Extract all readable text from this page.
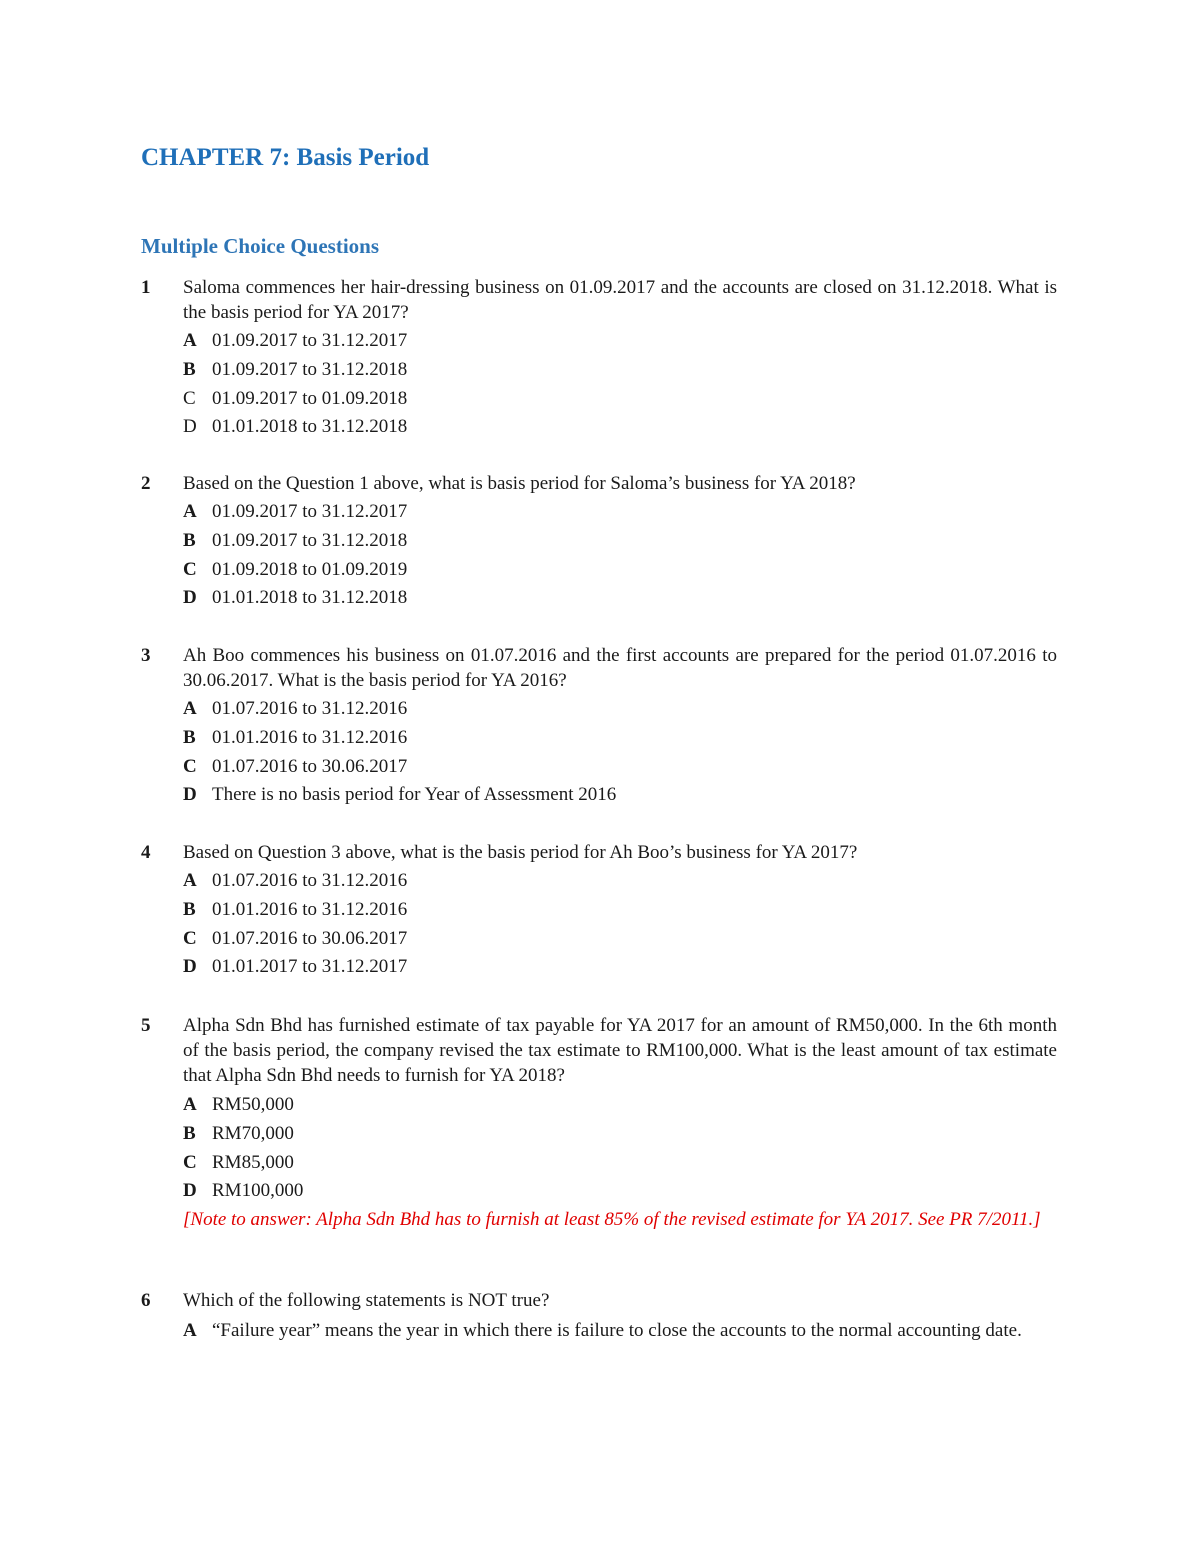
CHAPTER 7: Basis Period
Multiple Choice Questions
1	Saloma commences her hair-dressing business on 01.09.2017 and the accounts are closed on 31.12.2018. What is the basis period for YA 2017?
A 01.09.2017 to 31.12.2017
B 01.09.2017 to 31.12.2018
C 01.09.2017 to 01.09.2018
D 01.01.2018 to 31.12.2018
2	Based on the Question 1 above, what is basis period for Saloma’s business for YA 2018?
A 01.09.2017 to 31.12.2017
B 01.09.2017 to 31.12.2018
C 01.09.2018 to 01.09.2019
D 01.01.2018 to 31.12.2018
3	Ah Boo commences his business on 01.07.2016 and the first accounts are prepared for the period 01.07.2016 to 30.06.2017. What is the basis period for YA 2016?
A 01.07.2016 to 31.12.2016
B 01.01.2016 to 31.12.2016
C 01.07.2016 to 30.06.2017
D There is no basis period for Year of Assessment 2016
4	Based on Question 3 above, what is the basis period for Ah Boo’s business for YA 2017?
A 01.07.2016 to 31.12.2016
B 01.01.2016 to 31.12.2016
C 01.07.2016 to 30.06.2017
D 01.01.2017 to 31.12.2017
5	Alpha Sdn Bhd has furnished estimate of tax payable for YA 2017 for an amount of RM50,000. In the 6th month of the basis period, the company revised the tax estimate to RM100,000. What is the least amount of tax estimate that Alpha Sdn Bhd needs to furnish for YA 2018?
A RM50,000
B RM70,000
C RM85,000
D RM100,000
[Note to answer: Alpha Sdn Bhd has to furnish at least 85% of the revised estimate for YA 2017. See PR 7/2011.]
6	Which of the following statements is NOT true?
A “Failure year” means the year in which there is failure to close the accounts to the normal accounting date.
